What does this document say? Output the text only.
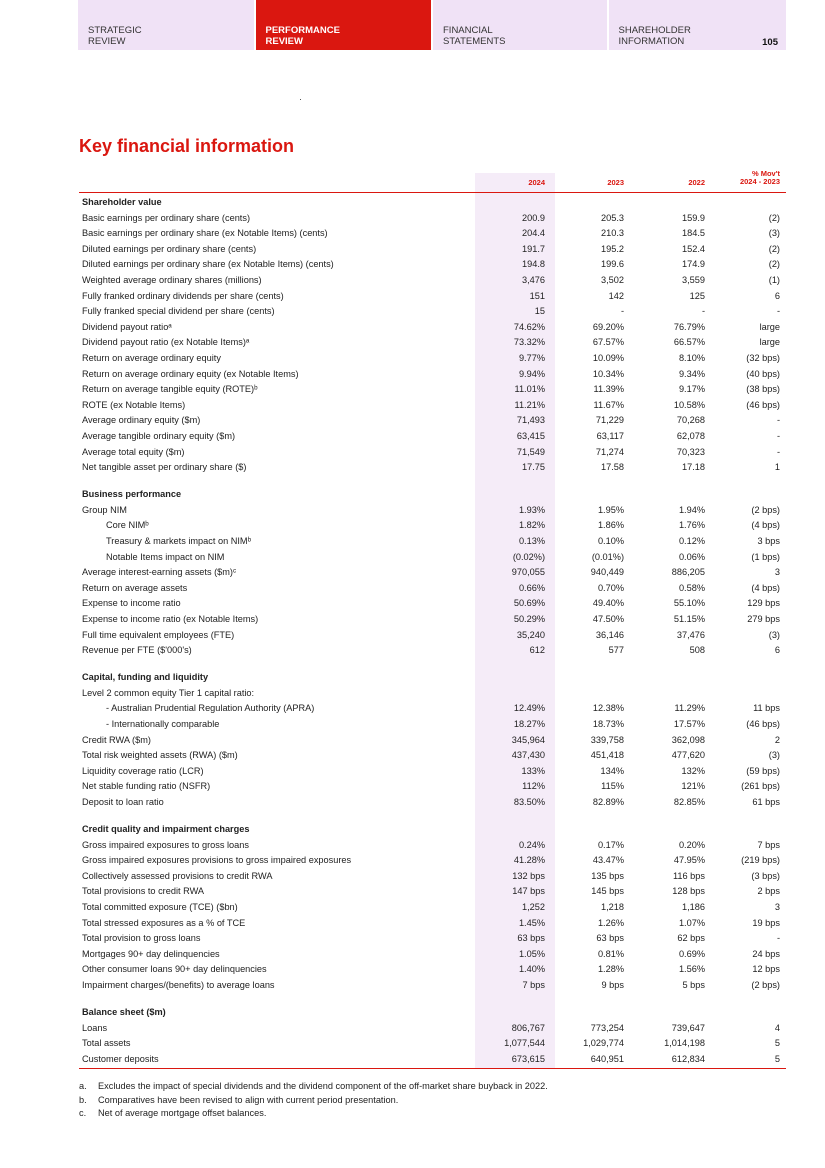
STRATEGIC
REVIEW
PERFORMANCE
REVIEW
FINANCIAL
STATEMENTS
SHAREHOLDER
INFORMATION	105
Key financial information
2024	2023	2022
% Mov't
2024 - 2023
Shareholder value
Basic earnings per ordinary share (cents)	200.9	205.3	159.9	(2)
Basic earnings per ordinary share (ex Notable Items) (cents)	204.4	210.3	184.5	(3)
Diluted earnings per ordinary share (cents)	191.7	195.2	152.4	(2)
Diluted earnings per ordinary share (ex Notable Items) (cents)	194.8	199.6	174.9	(2)
Weighted average ordinary shares (millions)	3,476	3,502	3,559	(1)
Fully franked ordinary dividends per share (cents)	151	142	125	6
Fully franked special dividend per share (cents)	15	-	-	-
Dividend payout ratioᵃ	74.62%	69.20%	76.79%	large
Dividend payout ratio (ex Notable Items)ᵃ	73.32%	67.57%	66.57%	large
Return on average ordinary equity	9.77%	10.09%	8.10%	(32 bps)
Return on average ordinary equity (ex Notable Items)	9.94%	10.34%	9.34%	(40 bps)
Return on average tangible equity (ROTE)ᵇ	11.01%	11.39%	9.17%	(38 bps)
ROTE (ex Notable Items)	11.21%	11.67%	10.58%	(46 bps)
Average ordinary equity ($m)	71,493	71,229	70,268	-
Average tangible ordinary equity ($m)	63,415	63,117	62,078	-
Average total equity ($m)	71,549	71,274	70,323	-
Net tangible asset per ordinary share ($)	17.75	17.58	17.18	1
Business performance
Group NIM	1.93%	1.95%	1.94%	(2 bps)
Core NIMᵇ	1.82%	1.86%	1.76%	(4 bps)
Treasury & markets impact on NIMᵇ	0.13%	0.10%	0.12%	3 bps
Notable Items impact on NIM	(0.02%)	(0.01%)	0.06%	(1 bps)
Average interest-earning assets ($m)ᶜ	970,055	940,449	886,205	3
Return on average assets	0.66%	0.70%	0.58%	(4 bps)
Expense to income ratio	50.69%	49.40%	55.10%	129 bps
Expense to income ratio (ex Notable Items)	50.29%	47.50%	51.15%	279 bps
Full time equivalent employees (FTE)	35,240	36,146	37,476	(3)
Revenue per FTE ($'000's)	612	577	508	6
Capital, funding and liquidity
Level 2 common equity Tier 1 capital ratio:
- Australian Prudential Regulation Authority (APRA)	12.49%	12.38%	11.29%	11 bps
- Internationally comparable	18.27%	18.73%	17.57%	(46 bps)
Credit RWA ($m)	345,964	339,758	362,098	2
Total risk weighted assets (RWA) ($m)	437,430	451,418	477,620	(3)
Liquidity coverage ratio (LCR)	133%	134%	132%	(59 bps)
Net stable funding ratio (NSFR)	112%	115%	121%	(261 bps)
Deposit to loan ratio	83.50%	82.89%	82.85%	61 bps
Credit quality and impairment charges
Gross impaired exposures to gross loans	0.24%	0.17%	0.20%	7 bps
Gross impaired exposures provisions to gross impaired exposures	41.28%	43.47%	47.95%	(219 bps)
Collectively assessed provisions to credit RWA	132 bps	135 bps	116 bps	(3 bps)
Total provisions to credit RWA	147 bps	145 bps	128 bps	2 bps
Total committed exposure (TCE) ($bn)	1,252	1,218	1,186	3
Total stressed exposures as a % of TCE	1.45%	1.26%	1.07%	19 bps
Total provision to gross loans	63 bps	63 bps	62 bps	-
Mortgages 90+ day delinquencies	1.05%	0.81%	0.69%	24 bps
Other consumer loans 90+ day delinquencies	1.40%	1.28%	1.56%	12 bps
Impairment charges/(benefits) to average loans	7 bps	9 bps	5 bps	(2 bps)
Balance sheet ($m)
Loans	806,767	773,254	739,647	4
Total assets	1,077,544	1,029,774	1,014,198	5
Customer deposits	673,615	640,951	612,834	5
a.	Excludes the impact of special dividends and the dividend component of the off-market share buyback in 2022.
b.	Comparatives have been revised to align with current period presentation.
c.	Net of average mortgage offset balances.
